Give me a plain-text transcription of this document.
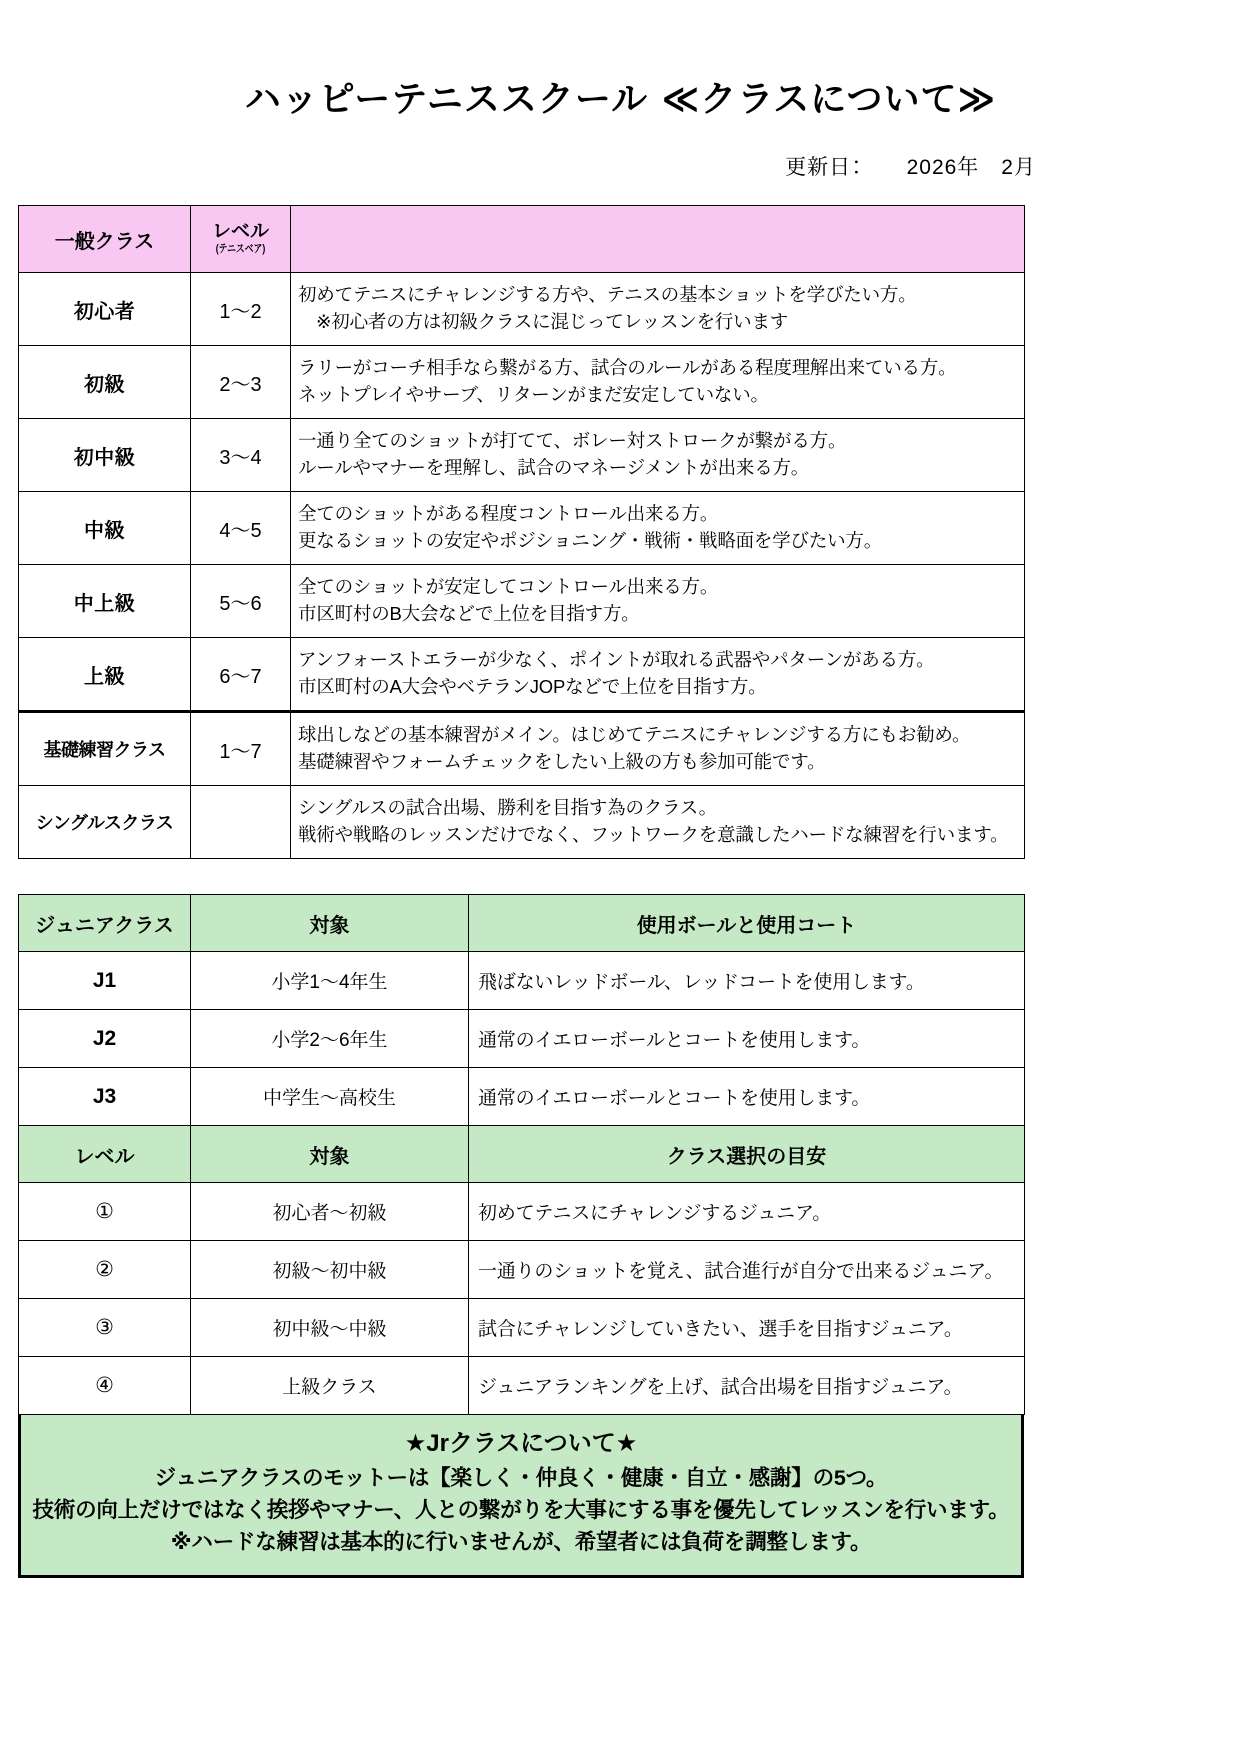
ハッピーテニススクール ≪クラスについて≫
更新日：　　2026年　2月
一般クラス	レベル
(テニスベア)	

初心者	1～2	初めてテニスにチャレンジする方や、テニスの基本ショットを学びたい方。
※初心者の方は初級クラスに混じってレッスンを行います

初級	2～3	ラリーがコーチ相手なら繋がる方、試合のルールがある程度理解出来ている方。
ネットプレイやサーブ、リターンがまだ安定していない。

初中級	3～4	一通り全てのショットが打てて、ボレー対ストロークが繋がる方。
ルールやマナーを理解し、試合のマネージメントが出来る方。

中級	4～5	全てのショットがある程度コントロール出来る方。
更なるショットの安定やポジショニング・戦術・戦略面を学びたい方。

中上級	5～6	全てのショットが安定してコントロール出来る方。
市区町村のB大会などで上位を目指す方。

上級	6～7	アンフォーストエラーが少なく、ポイントが取れる武器やパターンがある方。
市区町村のA大会やベテランJOPなどで上位を目指す方。

基礎練習クラス	1～7	球出しなどの基本練習がメイン。はじめてテニスにチャレンジする方にもお勧め。
基礎練習やフォームチェックをしたい上級の方も参加可能です。

シングルスクラス		シングルスの試合出場、勝利を目指す為のクラス。
戦術や戦略のレッスンだけでなく、フットワークを意識したハードな練習を行います。
ジュニアクラス	対象	使用ボールと使用コート
J1	小学1～4年生	飛ばないレッドボール、レッドコートを使用します。
J2	小学2～6年生	通常のイエローボールとコートを使用します。
J3	中学生～高校生	通常のイエローボールとコートを使用します。
レベル	対象	クラス選択の目安
①	初心者～初級	初めてテニスにチャレンジするジュニア。
②	初級～初中級	一通りのショットを覚え、試合進行が自分で出来るジュニア。
③	初中級～中級	試合にチャレンジしていきたい、選手を目指すジュニア。
④	上級クラス	ジュニアランキングを上げ、試合出場を目指すジュニア。
★Jrクラスについて★
ジュニアクラスのモットーは【楽しく・仲良く・健康・自立・感謝】の5つ。
技術の向上だけではなく挨拶やマナー、人との繋がりを大事にする事を優先してレッスンを行います。
※ハードな練習は基本的に行いませんが、希望者には負荷を調整します。
